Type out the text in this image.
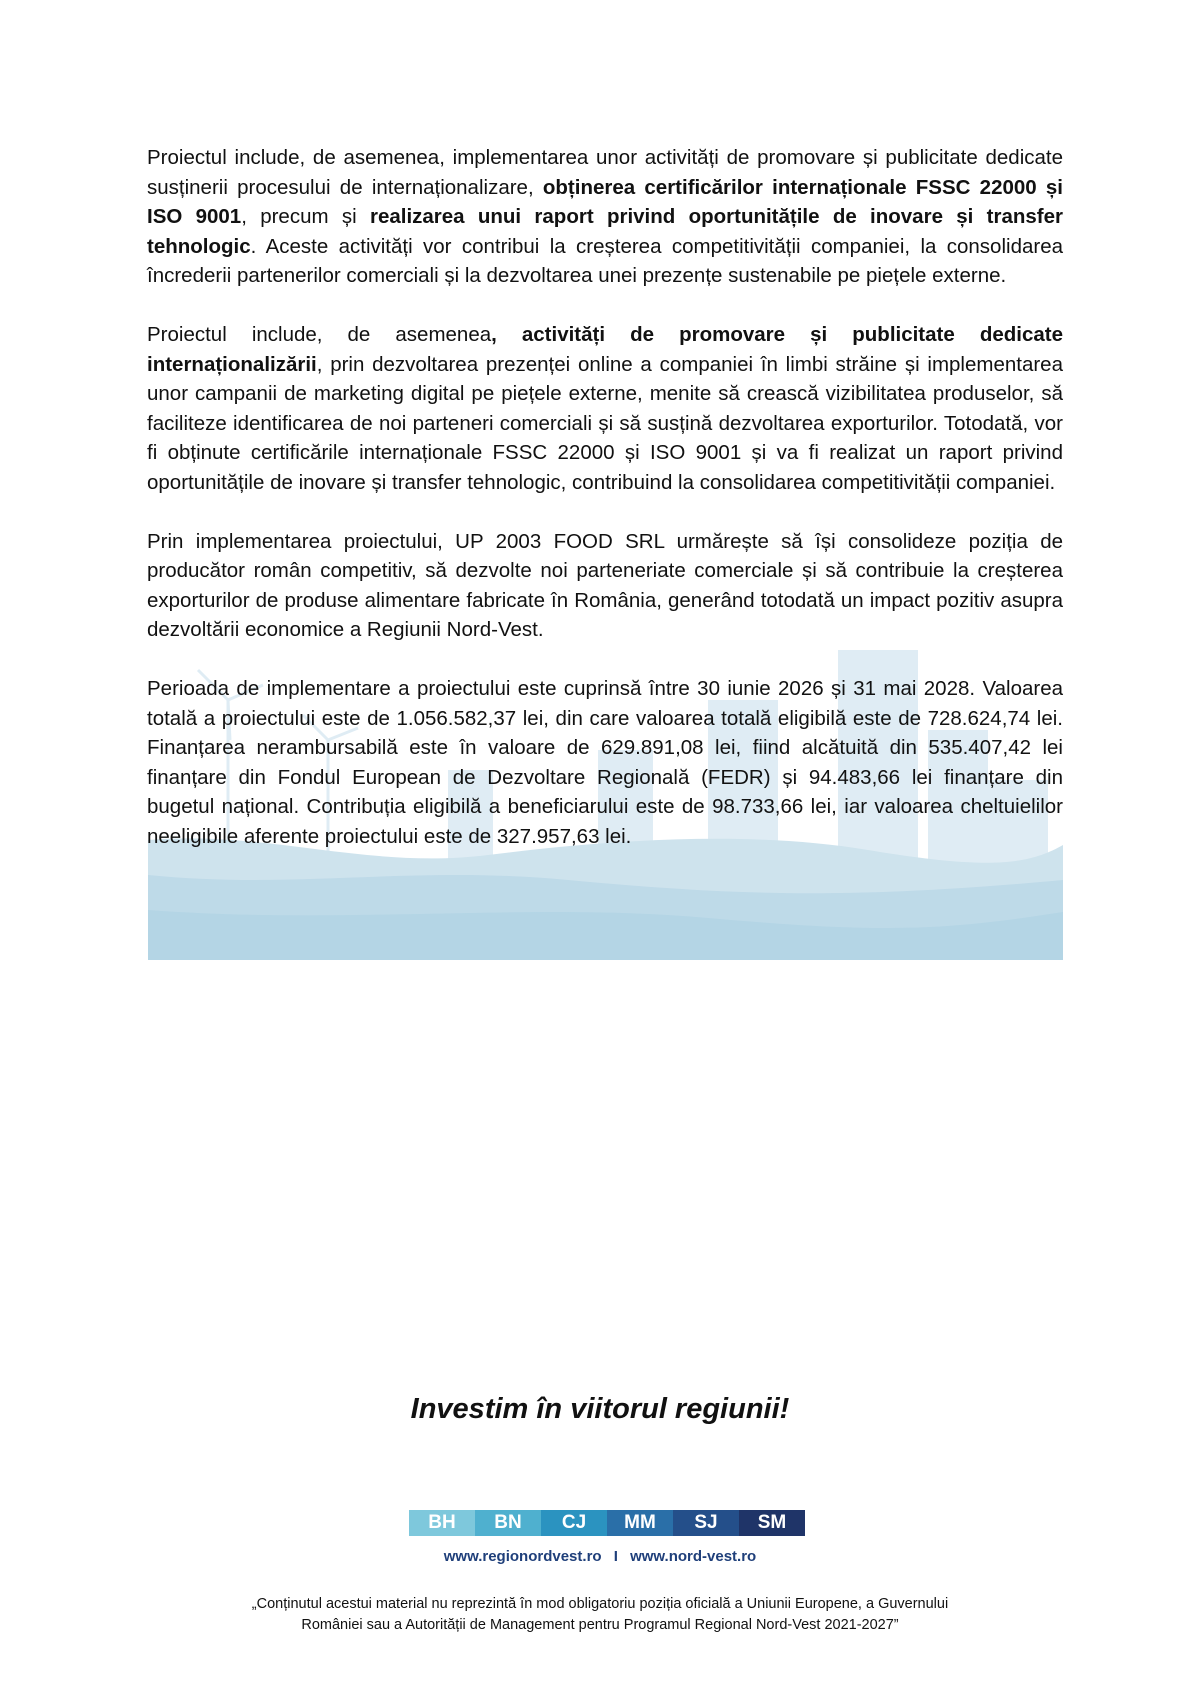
Proiectul include, de asemenea, implementarea unor activități de promovare și publicitate dedicate susținerii procesului de internaționalizare, obținerea certificărilor internaționale FSSC 22000 și ISO 9001, precum și realizarea unui raport privind oportunitățile de inovare și transfer tehnologic. Aceste activități vor contribui la creșterea competitivității companiei, la consolidarea încrederii partenerilor comerciali și la dezvoltarea unei prezențe sustenabile pe piețele externe.

Proiectul include, de asemenea, activități de promovare și publicitate dedicate internaționalizării, prin dezvoltarea prezenței online a companiei în limbi străine și implementarea unor campanii de marketing digital pe piețele externe, menite să crească vizibilitatea produselor, să faciliteze identificarea de noi parteneri comerciali și să susțină dezvoltarea exporturilor. Totodată, vor fi obținute certificările internaționale FSSC 22000 și ISO 9001 și va fi realizat un raport privind oportunitățile de inovare și transfer tehnologic, contribuind la consolidarea competitivității companiei.

Prin implementarea proiectului, UP 2003 FOOD SRL urmărește să își consolideze poziția de producător român competitiv, să dezvolte noi parteneriate comerciale și să contribuie la creșterea exporturilor de produse alimentare fabricate în România, generând totodată un impact pozitiv asupra dezvoltării economice a Regiunii Nord-Vest.

Perioada de implementare a proiectului este cuprinsă între 30 iunie 2026 și 31 mai 2028. Valoarea totală a proiectului este de 1.056.582,37 lei, din care valoarea totală eligibilă este de 728.624,74 lei. Finanțarea nerambursabilă este în valoare de 629.891,08 lei, fiind alcătuită din 535.407,42 lei finanțare din Fondul European de Dezvoltare Regională (FEDR) și 94.483,66 lei finanțare din bugetul național. Contribuția eligibilă a beneficiarului este de 98.733,66 lei, iar valoarea cheltuielilor neeligibile aferente proiectului este de 327.957,63 lei.

Investim în viitorul regiunii!
BH	BN	CJ	MM	SJ	SM
www.regionordvest.ro I www.nord-vest.ro
„Conținutul acestui material nu reprezintă în mod obligatoriu poziția oficială a Uniunii Europene, a Guvernului
României sau a Autorității de Management pentru Programul Regional Nord-Vest 2021-2027”
